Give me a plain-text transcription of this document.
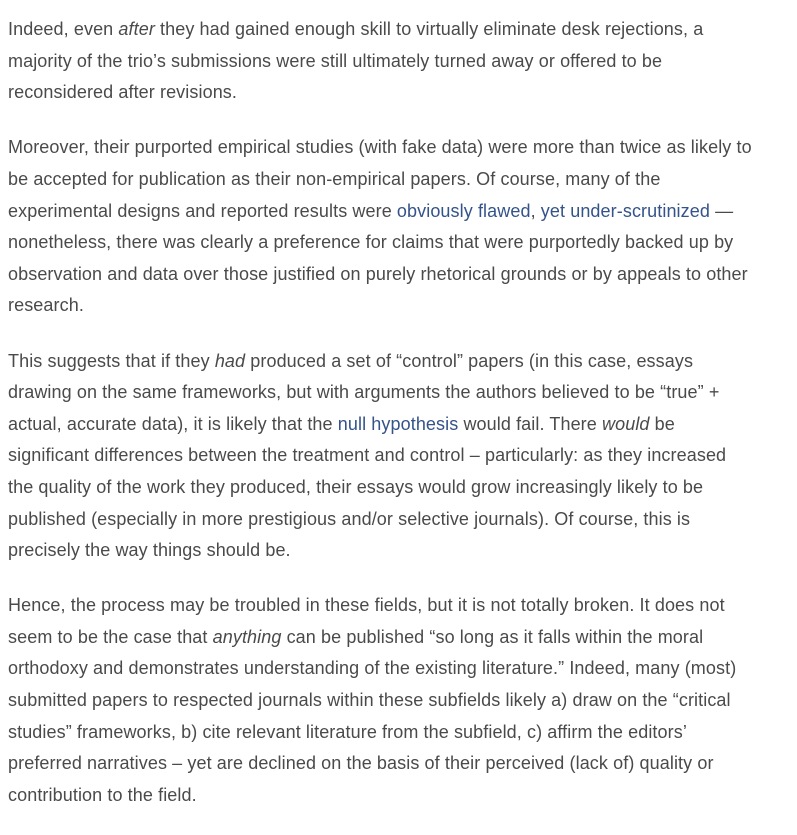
Indeed, even after they had gained enough skill to virtually eliminate desk rejections, a
majority of the trio’s submissions were still ultimately turned away or offered to be
reconsidered after revisions.

Moreover, their purported empirical studies (with fake data) were more than twice as likely to
be accepted for publication as their non-empirical papers. Of course, many of the
experimental designs and reported results were obviously flawed, yet under-scrutinized —
nonetheless, there was clearly a preference for claims that were purportedly backed up by
observation and data over those justified on purely rhetorical grounds or by appeals to other
research.

This suggests that if they had produced a set of “control” papers (in this case, essays
drawing on the same frameworks, but with arguments the authors believed to be “true” +
actual, accurate data), it is likely that the null hypothesis would fail. There would be
significant differences between the treatment and control – particularly: as they increased
the quality of the work they produced, their essays would grow increasingly likely to be
published (especially in more prestigious and/or selective journals). Of course, this is
precisely the way things should be.

Hence, the process may be troubled in these fields, but it is not totally broken. It does not
seem to be the case that anything can be published “so long as it falls within the moral
orthodoxy and demonstrates understanding of the existing literature.” Indeed, many (most)
submitted papers to respected journals within these subfields likely a) draw on the “critical
studies” frameworks, b) cite relevant literature from the subfield, c) affirm the editors’
preferred narratives – yet are declined on the basis of their perceived (lack of) quality or
contribution to the field.
